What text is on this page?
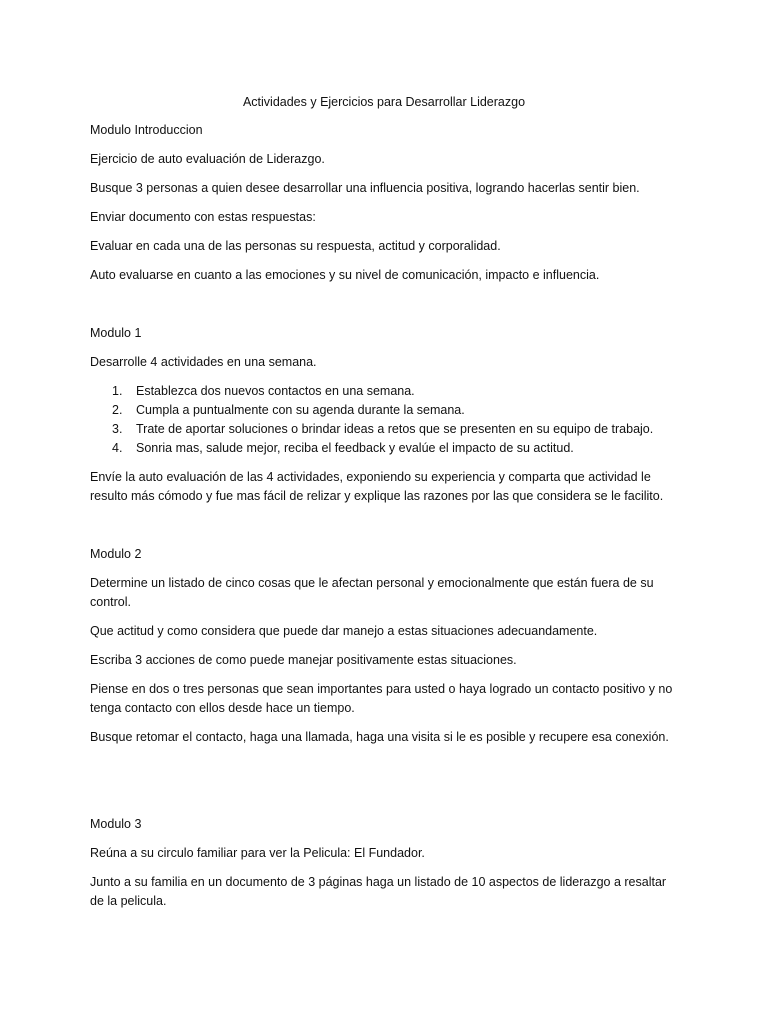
Actividades y Ejercicios para Desarrollar Liderazgo
Modulo Introduccion

Ejercicio de auto evaluación de Liderazgo.

Busque 3 personas a quien desee desarrollar una influencia positiva, logrando hacerlas sentir bien.

Enviar documento con estas respuestas:

Evaluar en cada una de las personas su respuesta, actitud y corporalidad.

Auto evaluarse en cuanto a las emociones y su nivel de comunicación, impacto e influencia.

Modulo 1

Desarrolle 4 actividades en una semana.

1.	Establezca dos nuevos contactos en una semana.
2.	Cumpla a puntualmente con su agenda durante la semana.
3.	Trate de aportar soluciones o brindar ideas a retos que se presenten en su equipo de trabajo.
4.	Sonria mas, salude mejor, reciba el feedback y evalúe el impacto de su actitud.

Envíe la auto evaluación de las 4 actividades, exponiendo su experiencia y comparta que actividad le

resulto más cómodo y fue mas fácil de relizar y explique las razones por las que considera se le facilito.

Modulo 2

Determine un listado de cinco cosas que le afectan personal y emocionalmente que están fuera de su

control.

Que actitud y como considera que puede dar manejo a estas situaciones adecuandamente.

Escriba 3 acciones de como puede manejar positivamente estas situaciones.

Piense en dos o tres personas que sean importantes para usted o haya logrado un contacto positivo y no

tenga contacto con ellos desde hace un tiempo.

Busque retomar el contacto, haga una llamada, haga una visita si le es posible y recupere esa conexión.

Modulo 3

Reúna a su circulo familiar para ver la Pelicula: El Fundador.

Junto a su familia en un documento de 3 páginas haga un listado de 10 aspectos de liderazgo a resaltar

de la pelicula.
